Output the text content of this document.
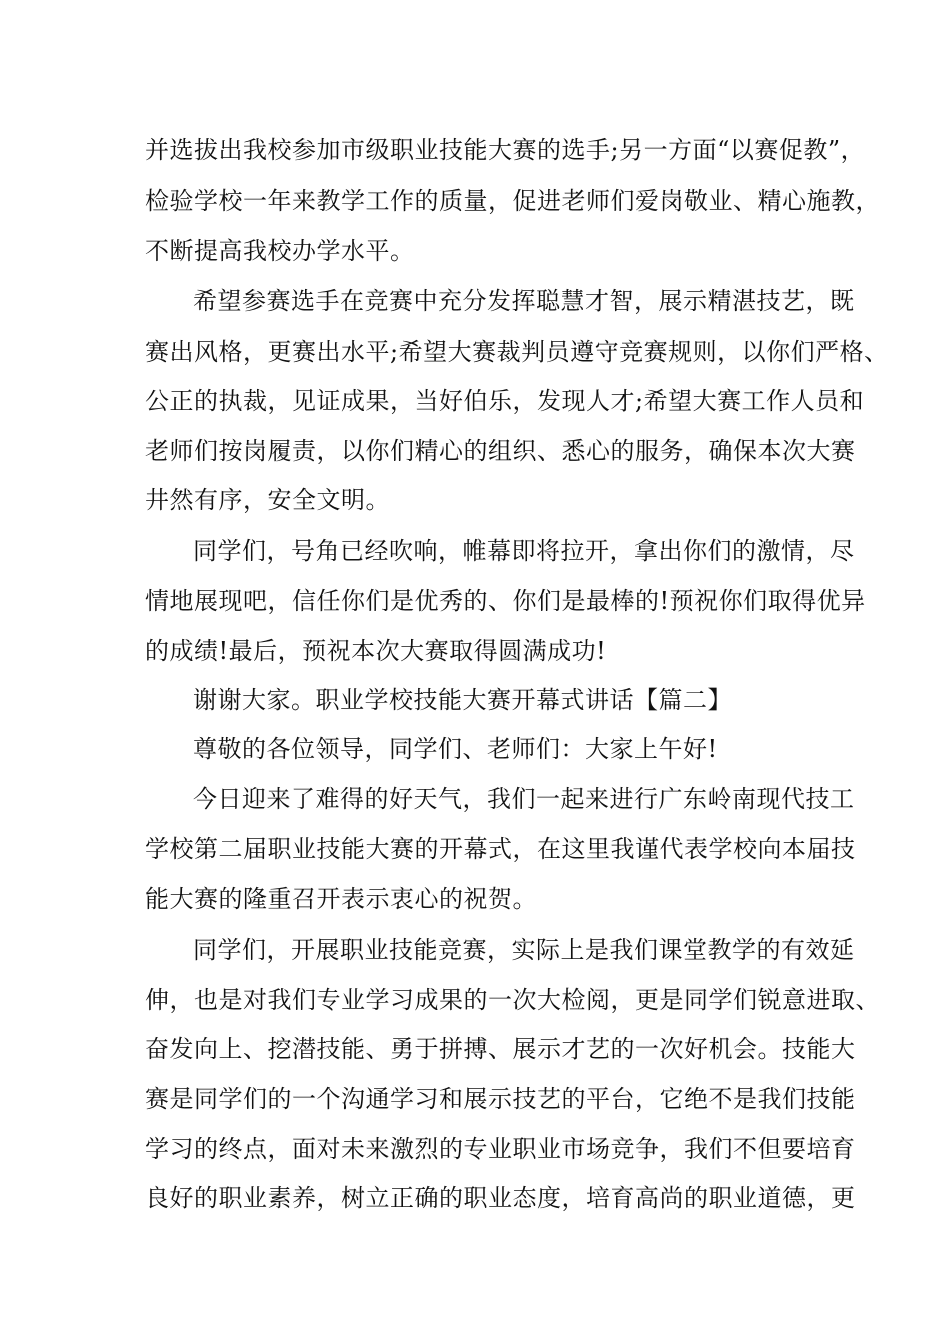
并选拔出我校参加市级职业技能大赛的选手;另一方面“以赛促教”，
检验学校一年来教学工作的质量，促进老师们爱岗敬业、精心施教，
不断提高我校办学水平。
希望参赛选手在竞赛中充分发挥聪慧才智，展示精湛技艺，既
赛出风格，更赛出水平;希望大赛裁判员遵守竞赛规则，以你们严格、
公正的执裁，见证成果，当好伯乐，发现人才;希望大赛工作人员和
老师们按岗履责，以你们精心的组织、悉心的服务，确保本次大赛
井然有序，安全文明。
同学们，号角已经吹响，帷幕即将拉开，拿出你们的激情，尽
情地展现吧，信任你们是优秀的、你们是最棒的!预祝你们取得优异
的成绩!最后，预祝本次大赛取得圆满成功!
谢谢大家。职业学校技能大赛开幕式讲话【篇二】
尊敬的各位领导，同学们、老师们：大家上午好!
今日迎来了难得的好天气，我们一起来进行广东岭南现代技工
学校第二届职业技能大赛的开幕式，在这里我谨代表学校向本届技
能大赛的隆重召开表示衷心的祝贺。
同学们，开展职业技能竞赛，实际上是我们课堂教学的有效延
伸，也是对我们专业学习成果的一次大检阅，更是同学们锐意进取、
奋发向上、挖潜技能、勇于拼搏、展示才艺的一次好机会。技能大
赛是同学们的一个沟通学习和展示技艺的平台，它绝不是我们技能
学习的终点，面对未来激烈的专业职业市场竞争，我们不但要培育
良好的职业素养，树立正确的职业态度，培育高尚的职业道德，更
